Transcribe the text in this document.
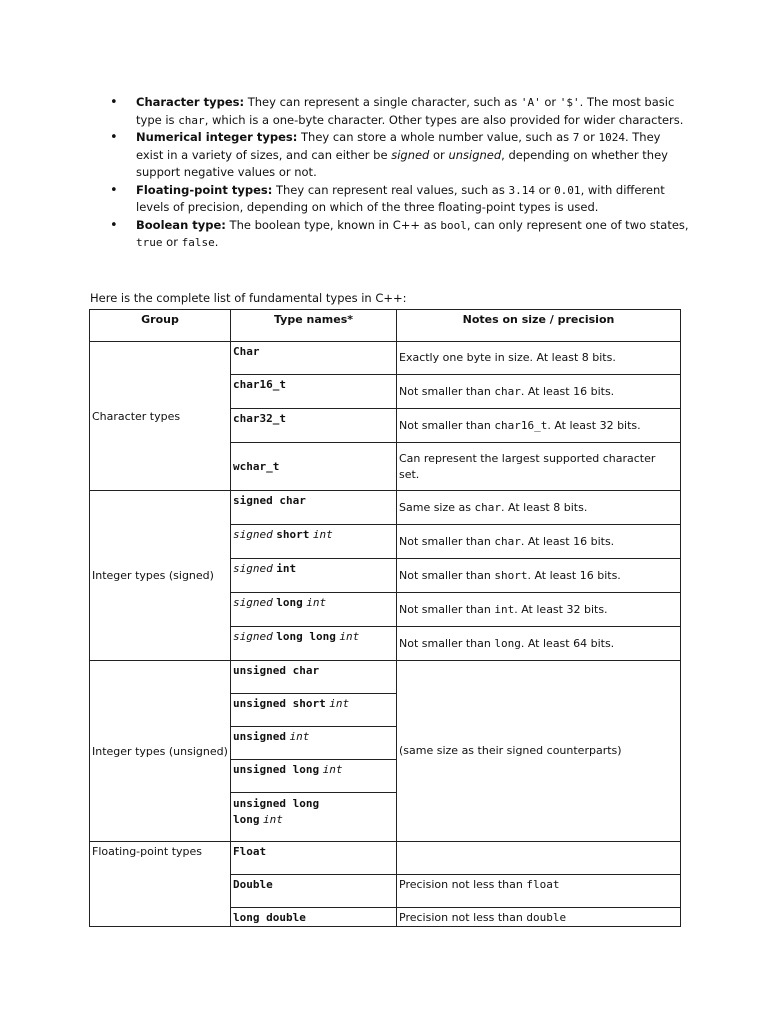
• Character types: They can represent a single character, such as 'A' or '$'. The most basic type is char, which is a one-byte character. Other types are also provided for wider characters.
• Numerical integer types: They can store a whole number value, such as 7 or 1024. They exist in a variety of sizes, and can either be signed or unsigned, depending on whether they support negative values or not.
• Floating-point types: They can represent real values, such as 3.14 or 0.01, with different levels of precision, depending on which of the three floating-point types is used.
• Boolean type: The boolean type, known in C++ as bool, can only represent one of two states, true or false.

Here is the complete list of fundamental types in C++:

Group	Type names*	Notes on size / precision
Character types	Char	Exactly one byte in size. At least 8 bits.
	char16_t	Not smaller than char. At least 16 bits.
	char32_t	Not smaller than char16_t. At least 32 bits.
	wchar_t	Can represent the largest supported character set.
Integer types (signed)	signed char	Same size as char. At least 8 bits.
	signed short int	Not smaller than char. At least 16 bits.
	signed int	Not smaller than short. At least 16 bits.
	signed long int	Not smaller than int. At least 32 bits.
	signed long long int	Not smaller than long. At least 64 bits.
Integer types (unsigned)	unsigned char	(same size as their signed counterparts)
	unsigned short int	
	unsigned int	
	unsigned long int	
	unsigned long
long int	
Floating-point types	Float	
	Double	Precision not less than float
	long double	Precision not less than double
